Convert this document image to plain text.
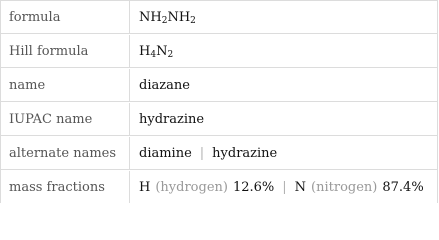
formula	NH 2 NH 2
Hill formula	H 4 N 2
name	diazane
IUPAC name	hydrazine
alternate names	diamine | hydrazine
mass fractions	H (hydrogen) 12.6% | N (nitrogen) 87.4%
